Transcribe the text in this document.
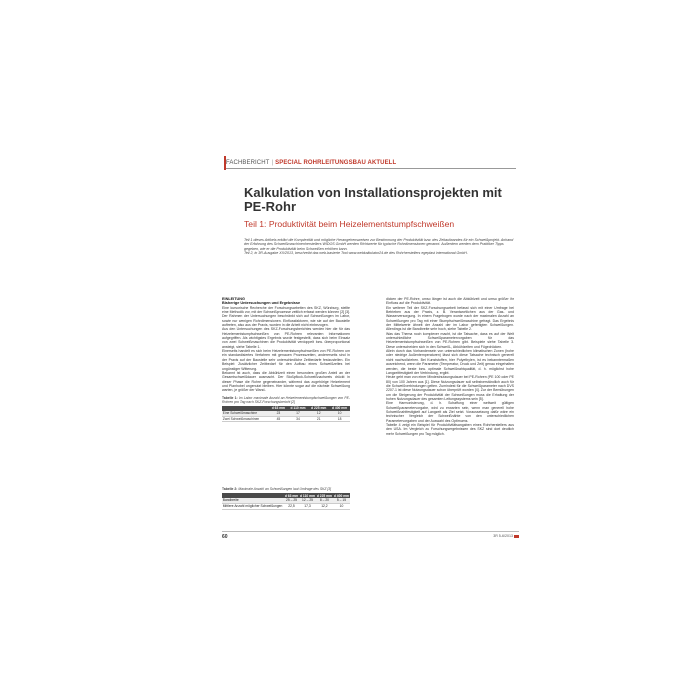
FACHBERICHT | SPECIAL ROHRLEITUNGSBAU AKTUELL
Kalkulation von Installationsprojekten mit PE-Rohr
Teil 1: Produktivität beim Heizelementstumpfschweißen

Teil 1 dieses Artikels erklärt die Komplexität und mögliche Herangehensweisen zur Bestimmung der Produktivität bzw. des Zeitaufwandes für ein Schweißprojekt. Anhand der Erfahrung des Schweißmaschinenherstellers WIDOS GmbH werden Richtwerte für typische Rohrdimensionen genannt. Außerdem werden dem Praktiker Tipps gegeben, wie er die Produktivität beim Schweißen erhöhen kann.

Teil 2, in 3R-Ausgabe XX/2013, beschreibt das web-basierte Tool www.webkalkulator24.de des Rohrherstellers egeplast international GmbH.

EINLEITUNG
Bisherige Untersuchungen und Ergebnisse

Eine kursorische Recherche der Forschungsarbeiten des SKZ, Würzburg, stellte eine Methodik vor, mit der Schweißprozesse zeitlich erfasst werden können [2] [3]. Der Rahmen der Untersuchungen beschränkt sich auf Schweißungen im Labor, sowie nur wenigen Rohrdimensionen. Einflussfaktoren, wie sie auf der Baustelle auftreten, also aus der Praxis, wurden in die Arbeit nicht einbezogen.

Aus den Untersuchungen des SKZ-Forschungsberichtes werden hier die für das Heizelementstumpfschweißen von PE-Rohren relevanten Informationen aufgegriffen. Als wichtigstes Ergebnis wurde festgestellt, dass sich beim Einsatz von zwei Schweißmaschinen die Produktivität verdoppelt bzw. überproportional ansteigt, siehe Tabelle 1.

Einerseits handelt es sich beim Heizelementstumpfschweißen von PE-Rohren um ein standardisiertes Verfahren mit genauen Prozesszeiten, andererseits sind in der Praxis auf der Baustelle sehr unterschiedliche Zeitbedarfe festzustellen. Ein Beispiel: Zusätzlicher Zeitbedarf für den Aufbau eines Schweißzeltes bei ungünstiger Witterung.

Bekannt ist auch, dass die Abkühlzeit einen besonders großen Anteil an der Gesamtschweißdauer ausmacht. Der Stoßpflock-Schweißnachweis drückt in dieser Phase die Rohre gegeneinander, während das zugehörige Heizelement und Planhobel ungenutzt bleiben. Hier könnte sogar auf die nächste Schweißung warten, je größer der Wand-

Tabelle 1: Im Labor maximale Anzahl an Heizelementstumpfschweißungen von PE-Rohren pro Tag nach SKZ-Forschungsbericht [2]
	d 63 mm	d 110 mm	d 225 mm	d 400 mm
Eine Schweißmaschine	23	17	12	10
Zwei Schweißmaschinen	45	34	21	18
Tabelle 2: Maximale Anzahl an Schweißungen laut Umfrage des SKZ [3]
	d 63 mm	d 110 mm	d 225 mm	d 400 mm
Bandbreite	25 – 25	12 – 25	8 – 20	5 – 15
Mittlere Anzahl möglicher Schweißungen	22,5	17,3	12,2	10

dicken der PE-Rohre, umso länger ist auch die Abkühlzeit und umso größer ihr Einfluss auf die Produktivität.

Ein weiterer Teil der SKZ-Forschungsarbeit befasst sich mit einer Umfrage bei Betrieben aus der Praxis, z. B. Verantwortlichen aus der Gas- und Wasserversorgung. In einem Fragebogen wurde nach der maximalen Anzahl an Schweißungen pro Tag mit einer Stumpfschweißmaschine gefragt. Das Ergebnis der Mittelwerte ähnelt der Anzahl der im Labor gefertigten Schweißungen. Allerdings ist die Bandbreite sehr hoch, siehe Tabelle 2.

Was das Thema noch komplexer macht, ist die Tatsache, dass es auf der Welt unterschiedliche Schweißparametervorgaben für das Heizelementstumpfschweißen von PE-Rohren gibt. Beispiele siehe Tabelle 3. Diese unterscheiden sich in den Schweiß-, Abkühlzeiten und Fügedrücken.

Allein durch das Vorhandensein von unterschiedlichen klimatischen Zonen (hohe oder niedrige Außentemperaturen) lässt sich diese Tatsache technisch generell nicht nachvollziehen. Bei Kunststoffen, hier Polyethylen, ist es bekanntermaßen ausreichend, wenn die Parameter (Temperatur, Druck und Zeit) genau eingehalten werden, die beste bzw. optimale Schweißnahtqualität, d. h. möglichst hohe Langzeitfestigkeit der Verbindung, ergibt.

Heute geht man von einer Mindestnutzungsdauer bei PE-Rohren (PE 100 oder PE 80) von 100 Jahren aus [1]. Diese Nutzungsdauer soll selbstverständlich auch für die Schweißverbindungen gelten. Zumindest für die Schweißparameter nach DVS 2207-1 ist diese Nutzungsdauer schon überprüft worden [4]. Zur der Bemühungen um die Steigerung der Produktivität der Schweißungen muss die Erhaltung der hohen Nutzungsdauer des gesamten Leitungssystems sein [5].

Eine Harmonisierung, d. h. Schaffung einer weltweit gültigen Schweißparametervorgabe, wird zu erwarten sein, wenn man generell hohe Schweißnahtfestigkeit auf Langzeit als Ziel setzt. Voraussetzung dafür wäre ein technischer Vergleich der Schweißnähte von den unterschiedlichen Parametervorgaben und der Auswahl des Optimums.

Tabelle 4 zeigt ein Beispiel für Produktivitätsangaben eines Rohrherstellers aus den USA. Im Vergleich zu Forschungsergebnissen des SKZ sind dort deutlich mehr Schweißungen pro Tag möglich.

60	3R 5-6/2013
